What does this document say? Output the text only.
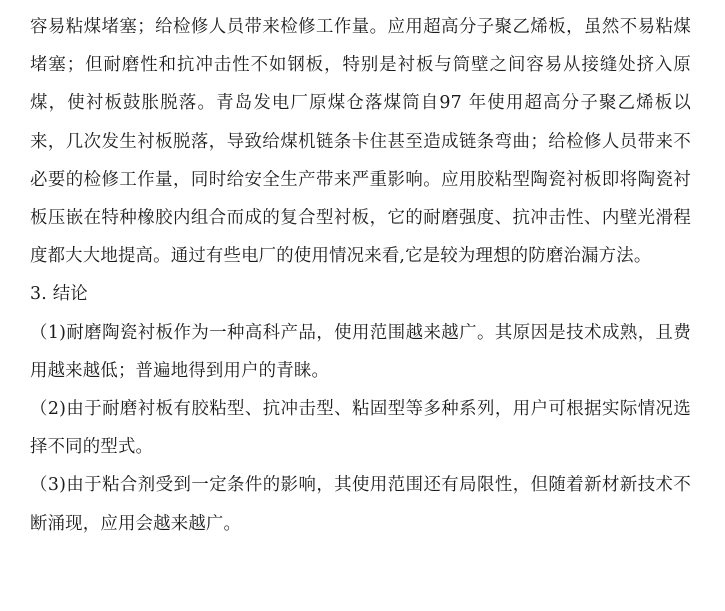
容易粘煤堵塞；给检修人员带来检修工作量。应用超高分子聚乙烯板，虽然不易粘煤堵塞；但耐磨性和抗冲击性不如钢板，特别是衬板与筒壁之间容易从接缝处挤入原煤，使衬板鼓胀脱落。青岛发电厂原煤仓落煤筒自97 年使用超高分子聚乙烯板以来，几次发生衬板脱落，导致给煤机链条卡住甚至造成链条弯曲；给检修人员带来不必要的检修工作量，同时给安全生产带来严重影响。应用胶粘型陶瓷衬板即将陶瓷衬板压嵌在特种橡胶内组合而成的复合型衬板，它的耐磨强度、抗冲击性、内壁光滑程度都大大地提高。通过有些电厂的使用情况来看,它是较为理想的防磨治漏方法。

3. 结论

（1)耐磨陶瓷衬板作为一种高科产品，使用范围越来越广。其原因是技术成熟，且费用越来越低；普遍地得到用户的青睐。

（2)由于耐磨衬板有胶粘型、抗冲击型、粘固型等多种系列，用户可根据实际情况选择不同的型式。

（3)由于粘合剂受到一定条件的影响，其使用范围还有局限性，但随着新材新技术不断涌现，应用会越来越广。
